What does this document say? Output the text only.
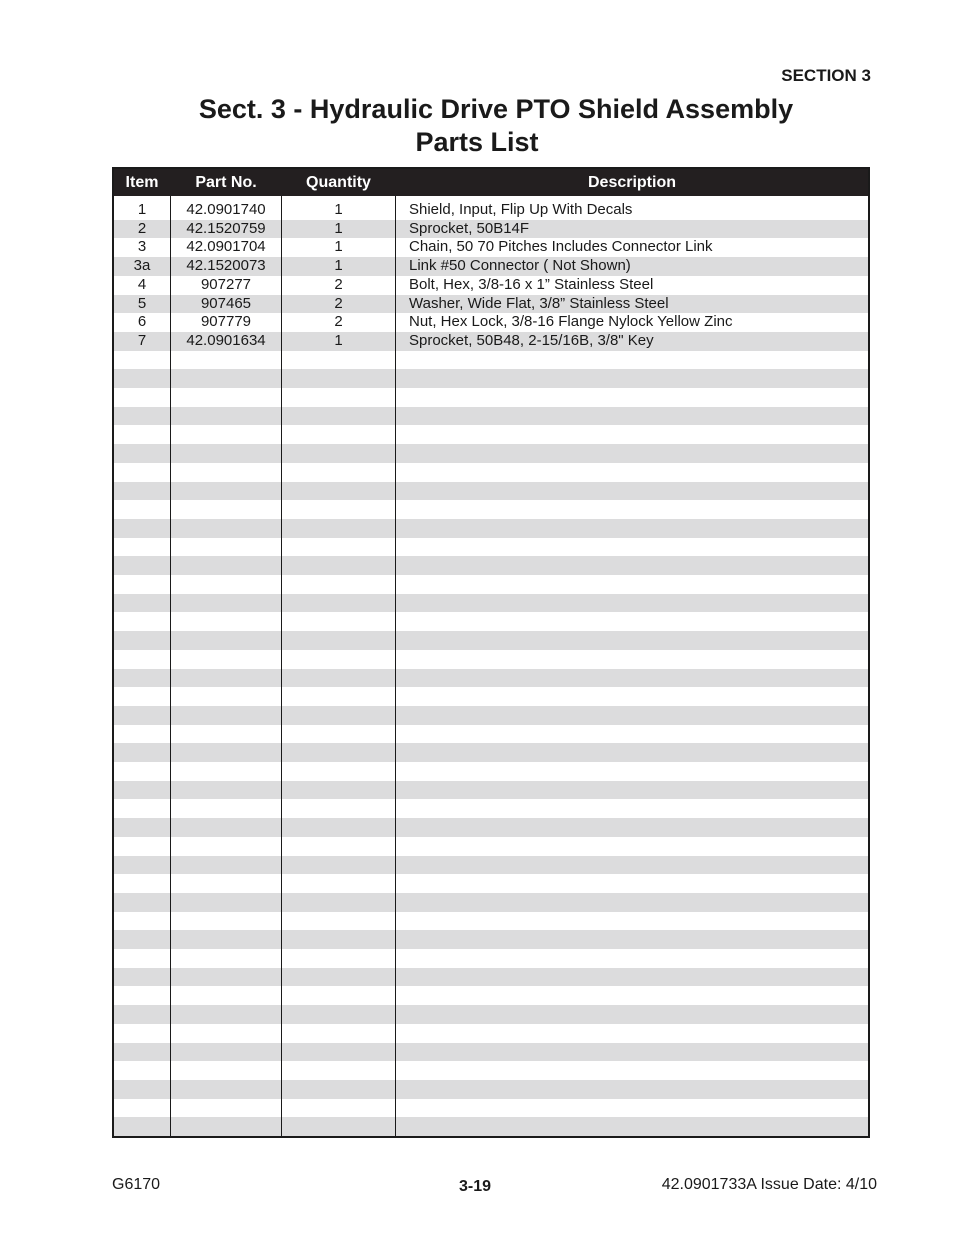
SECTION 3
Sect. 3 - Hydraulic Drive PTO Shield Assembly
Parts List
Item	Part No.	Quantity	Description
1	42.0901740	1	Shield, Input, Flip Up With Decals
2	42.1520759	1	Sprocket, 50B14F
3	42.0901704	1	Chain, 50 70 Pitches Includes Connector Link
3a	42.1520073	1	Link #50 Connector ( Not Shown)
4	907277	2	Bolt, Hex, 3/8-16 x 1” Stainless Steel
5	907465	2	Washer, Wide Flat, 3/8” Stainless Steel
6	907779	2	Nut, Hex Lock, 3/8-16 Flange Nylock Yellow Zinc
7	42.0901634	1	Sprocket, 50B48, 2-15/16B, 3/8" Key
G6170	3-19	42.0901733A Issue Date: 4/10
